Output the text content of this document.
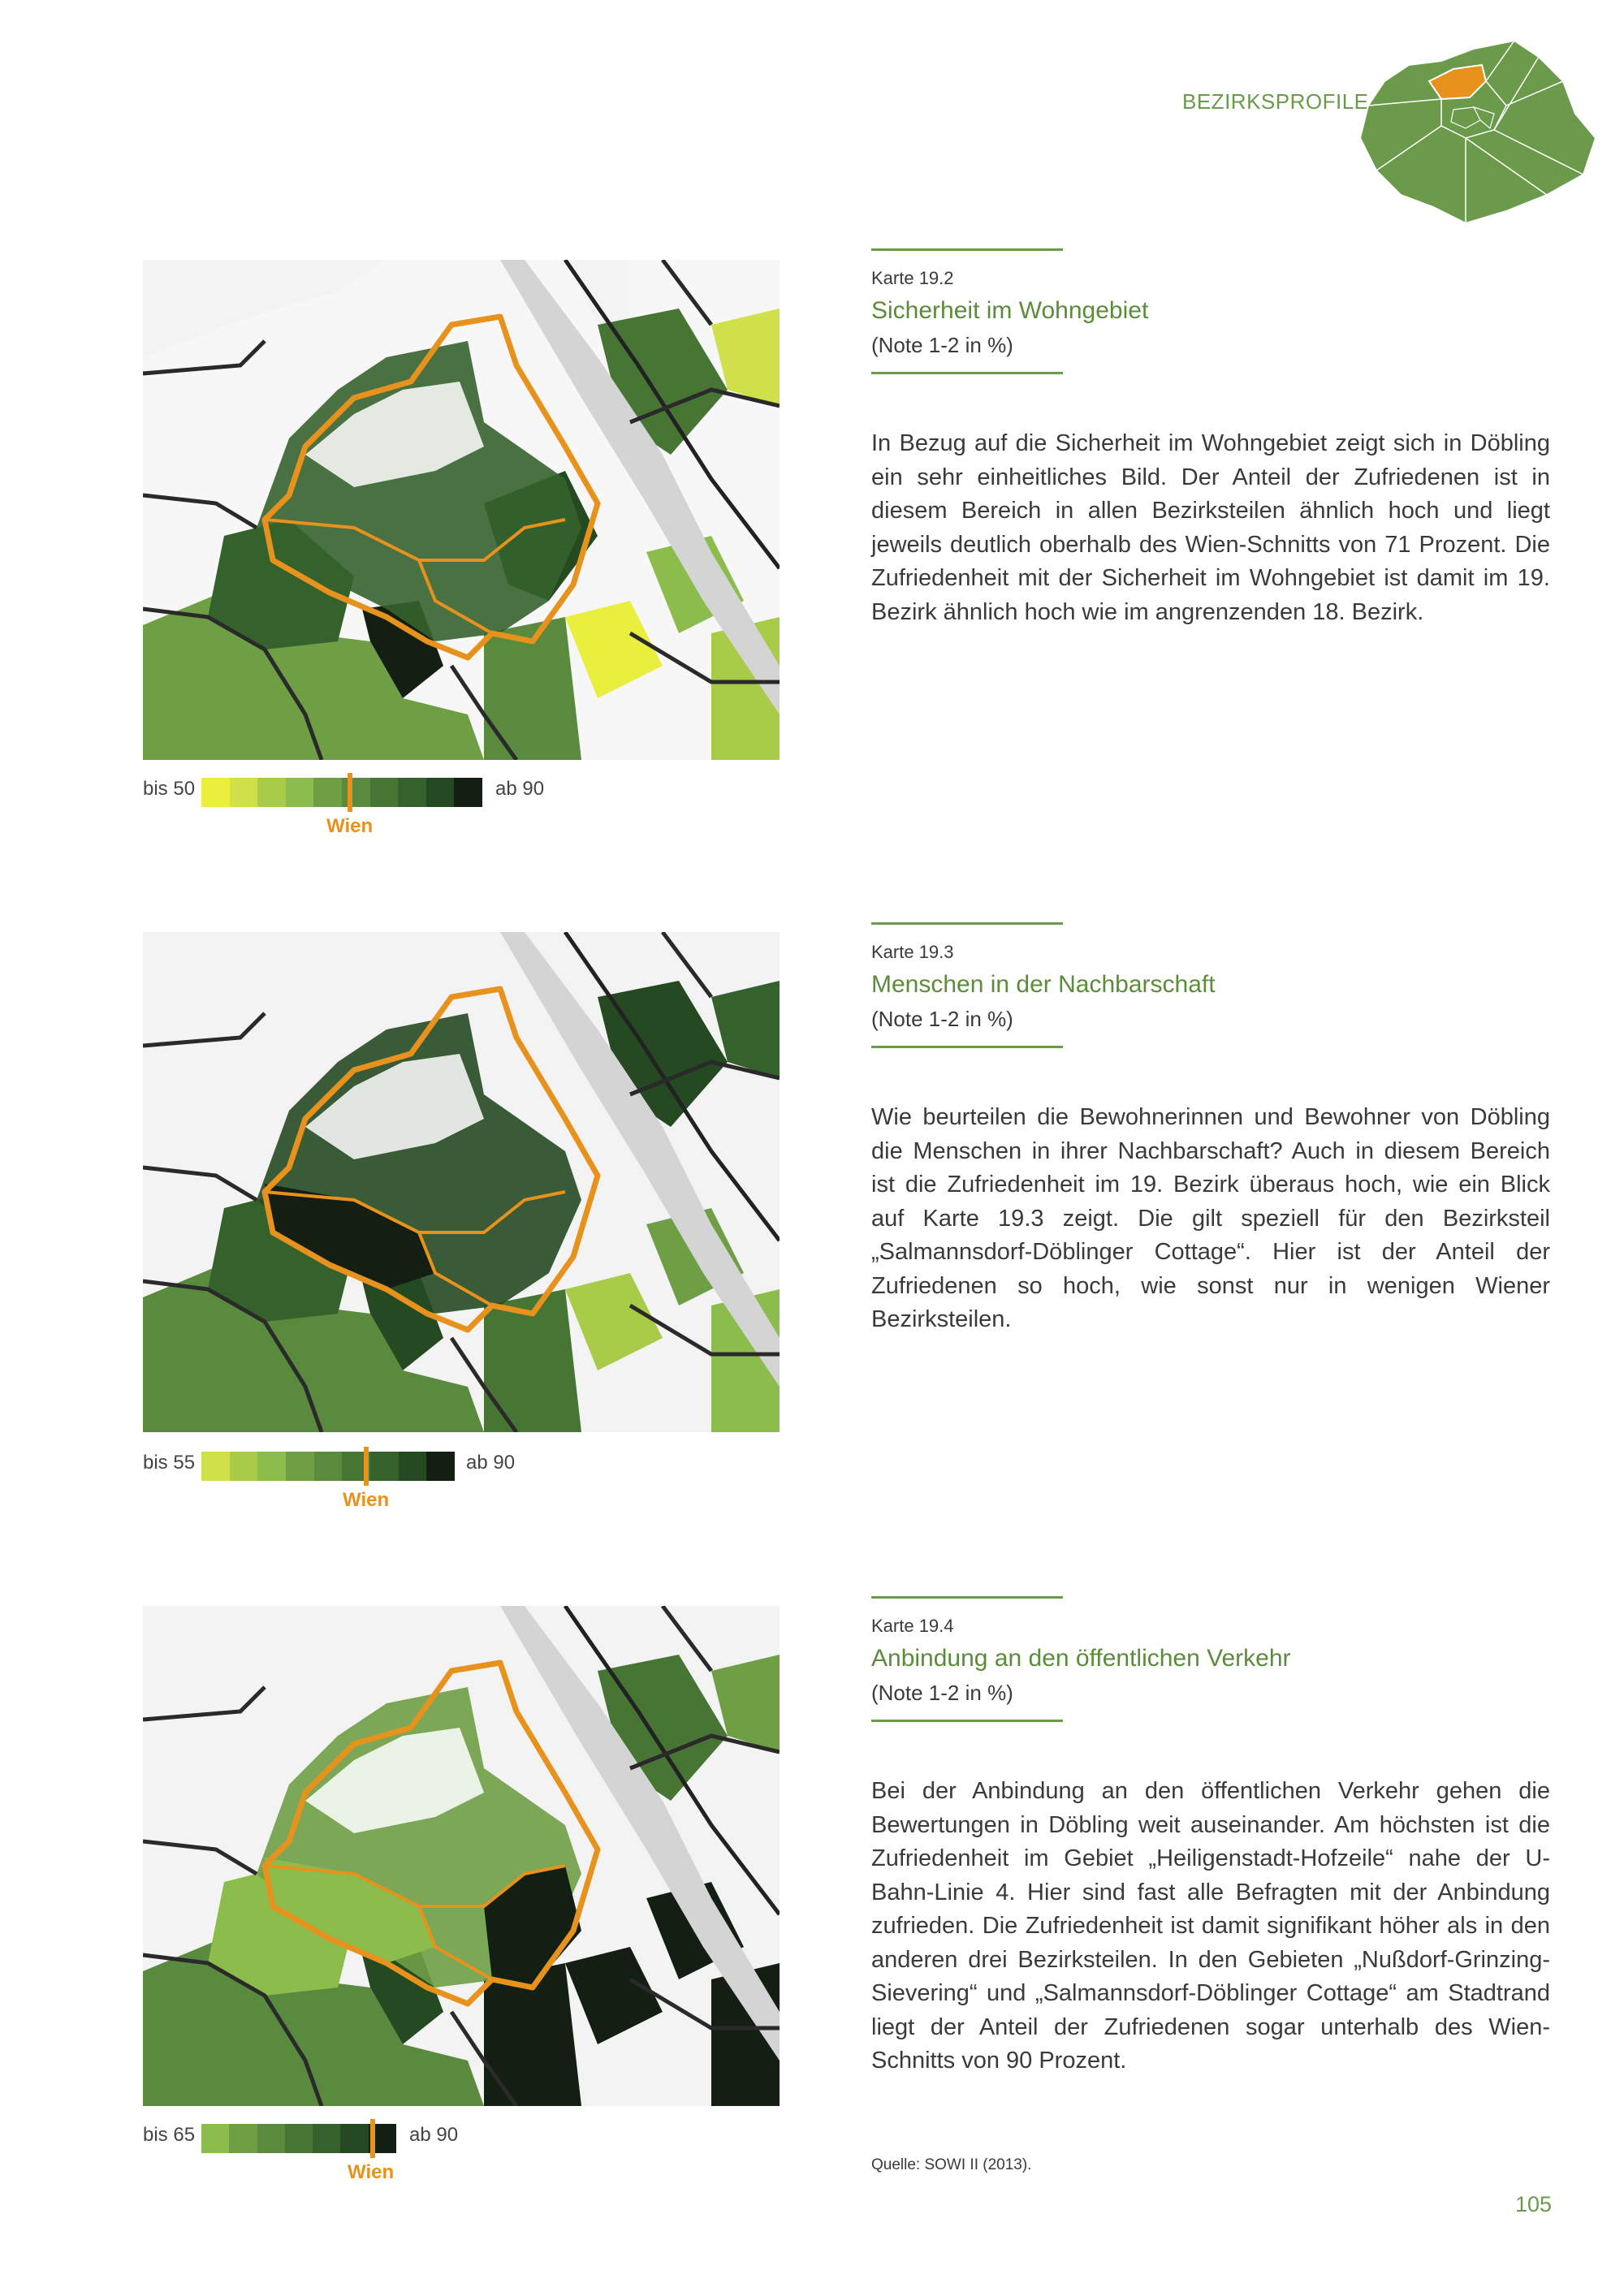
BEZIRKSPROFILE
bis 50
Wien
ab 90
Karte 19.2
Sicherheit im Wohngebiet
(Note 1-2 in %)

In Bezug auf die Sicherheit im Wohngebiet zeigt sich in Döbling ein sehr einheitliches Bild. Der Anteil der Zufriedenen ist in diesem Bereich in allen Bezirksteilen ähnlich hoch und liegt jeweils deutlich oberhalb des Wien-Schnitts von 71 Prozent. Die Zufriedenheit mit der Sicherheit im Wohngebiet ist damit im 19. Bezirk ähnlich hoch wie im angrenzenden 18. Bezirk.

bis 55
Wien
ab 90
Karte 19.3
Menschen in der Nachbarschaft
(Note 1-2 in %)

Wie beurteilen die Bewohnerinnen und Bewohner von Döbling die Menschen in ihrer Nachbarschaft? Auch in diesem Bereich ist die Zufriedenheit im 19. Bezirk überaus hoch, wie ein Blick auf Karte 19.3 zeigt. Die gilt speziell für den Bezirksteil „Salmannsdorf-Döblinger Cottage“. Hier ist der Anteil der Zufriedenen so hoch, wie sonst nur in wenigen Wiener Bezirksteilen.

bis 65
Wien
ab 90
Karte 19.4
Anbindung an den öffentlichen Verkehr
(Note 1-2 in %)

Bei der Anbindung an den öffentlichen Verkehr gehen die Bewertungen in Döbling weit auseinander. Am höchsten ist die Zufriedenheit im Gebiet „Heiligenstadt-Hofzeile“ nahe der U-Bahn-Linie 4. Hier sind fast alle Befragten mit der Anbindung zufrieden. Die Zufriedenheit ist damit signifikant höher als in den anderen drei Bezirksteilen. In den Gebieten „Nußdorf-Grinzing-Sievering“ und „Salmannsdorf-Döblinger Cottage“ am Stadtrand liegt der Anteil der Zufriedenen sogar unterhalb des Wien-Schnitts von 90 Prozent.

Quelle: SOWI II (2013).
105
